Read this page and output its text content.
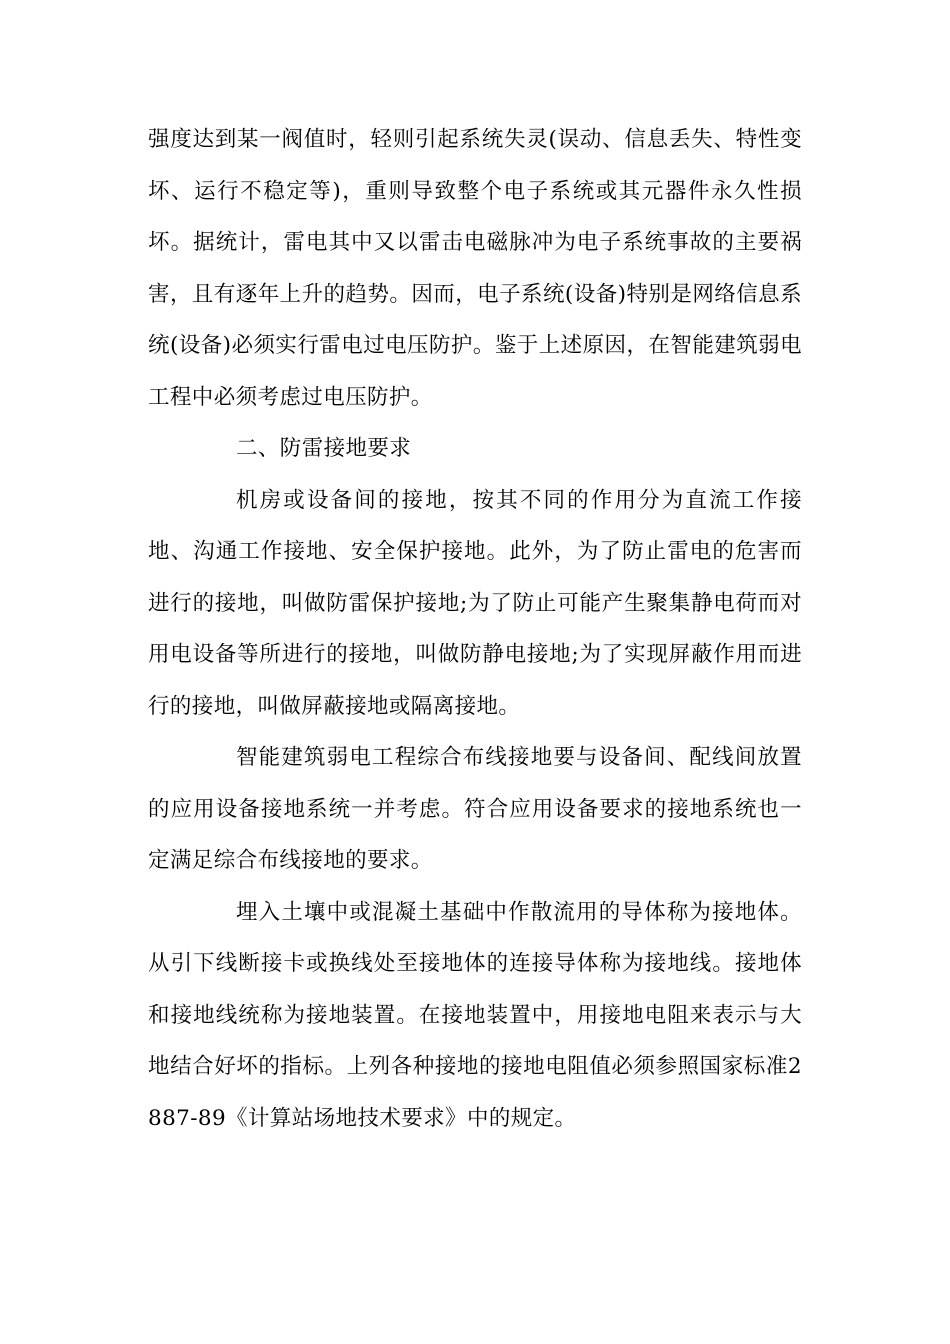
强度达到某一阀值时，轻则引起系统失灵(误动、信息丢失、特性变坏、运行不稳定等)，重则导致整个电子系统或其元器件永久性损坏。据统计，雷电其中又以雷击电磁脉冲为电子系统事故的主要祸害，且有逐年上升的趋势。因而，电子系统(设备)特别是网络信息系统(设备)必须实行雷电过电压防护。鉴于上述原因，在智能建筑弱电工程中必须考虑过电压防护。

二、防雷接地要求

机房或设备间的接地，按其不同的作用分为直流工作接地、沟通工作接地、安全保护接地。此外，为了防止雷电的危害而进行的接地，叫做防雷保护接地;为了防止可能产生聚集静电荷而对用电设备等所进行的接地，叫做防静电接地;为了实现屏蔽作用而进行的接地，叫做屏蔽接地或隔离接地。

智能建筑弱电工程综合布线接地要与设备间、配线间放置的应用设备接地系统一并考虑。符合应用设备要求的接地系统也一定满足综合布线接地的要求。

埋入土壤中或混凝土基础中作散流用的导体称为接地体。从引下线断接卡或换线处至接地体的连接导体称为接地线。接地体和接地线统称为接地装置。在接地装置中，用接地电阻来表示与大地结合好坏的指标。上列各种接地的接地电阻值必须参照国家标准2887-89《计算站场地技术要求》中的规定。
